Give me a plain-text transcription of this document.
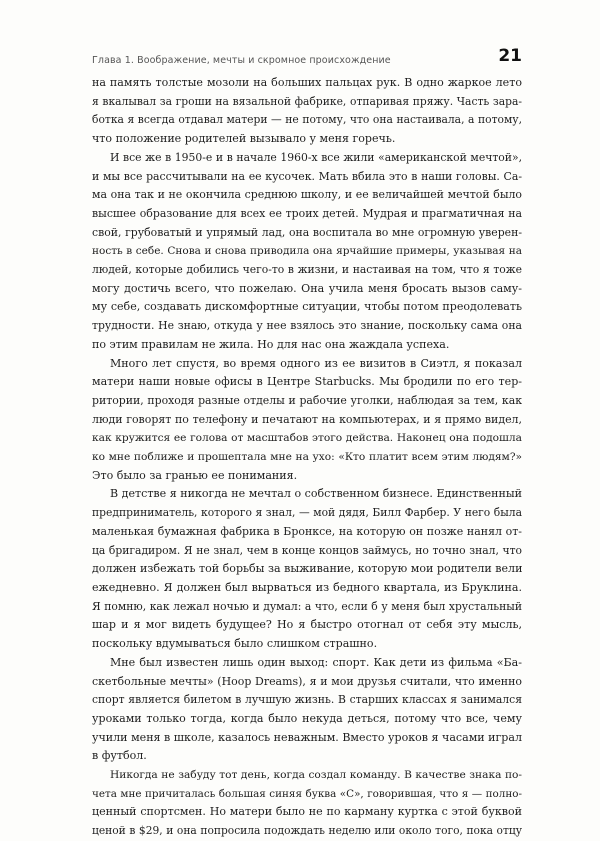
Глава 1. Воображение, мечты и скромное происхождение	21
на память толстые мозоли на больших пальцах рук. В одно жаркое лето
я вкалывал за гроши на вязальной фабрике, отпаривая пряжу. Часть зара-
ботка я всегда отдавал матери — не потому, что она настаивала, а потому,
что положение родителей вызывало у меня горечь.
И все же в 1950-е и в начале 1960-х все жили «американской мечтой»,
и мы все рассчитывали на ее кусочек. Мать вбила это в наши головы. Са-
ма она так и не окончила среднюю школу, и ее величайшей мечтой было
высшее образование для всех ее троих детей. Мудрая и прагматичная на
свой, грубоватый и упрямый лад, она воспитала во мне огромную уверен-
ность в себе. Снова и снова приводила она ярчайшие примеры, указывая на
людей, которые добились чего-то в жизни, и настаивая на том, что я тоже
могу достичь всего, что пожелаю. Она учила меня бросать вызов саму-
му себе, создавать дискомфортные ситуации, чтобы потом преодолевать
трудности. Не знаю, откуда у нее взялось это знание, поскольку сама она
по этим правилам не жила. Но для нас она жаждала успеха.
Много лет спустя, во время одного из ее визитов в Сиэтл, я показал
матери наши новые офисы в Центре Starbucks. Мы бродили по его тер-
ритории, проходя разные отделы и рабочие уголки, наблюдая за тем, как
люди говорят по телефону и печатают на компьютерах, и я прямо видел,
как кружится ее голова от масштабов этого действа. Наконец она подошла
ко мне поближе и прошептала мне на ухо: «Кто платит всем этим людям?»
Это было за гранью ее понимания.
В детстве я никогда не мечтал о собственном бизнесе. Единственный
предприниматель, которого я знал, — мой дядя, Билл Фарбер. У него была
маленькая бумажная фабрика в Бронксе, на которую он позже нанял от-
ца бригадиром. Я не знал, чем в конце концов займусь, но точно знал, что
должен избежать той борьбы за выживание, которую мои родители вели
ежедневно. Я должен был вырваться из бедного квартала, из Бруклина.
Я помню, как лежал ночью и думал: а что, если б у меня был хрустальный
шар и я мог видеть будущее? Но я быстро отогнал от себя эту мысль,
поскольку вдумываться было слишком страшно.
Мне был известен лишь один выход: спорт. Как дети из фильма «Ба-
скетбольные мечты» (Hoop Dreams), я и мои друзья считали, что именно
спорт является билетом в лучшую жизнь. В старших классах я занимался
уроками только тогда, когда было некуда деться, потому что все, чему
учили меня в школе, казалось неважным. Вместо уроков я часами играл
в футбол.
Никогда не забуду тот день, когда создал команду. В качестве знака по-
чета мне причиталась большая синяя буква «С», говорившая, что я — полно-
ценный спортсмен. Но матери было не по карману куртка с этой буквой
ценой в $29, и она попросила подождать неделю или около того, пока отцу
